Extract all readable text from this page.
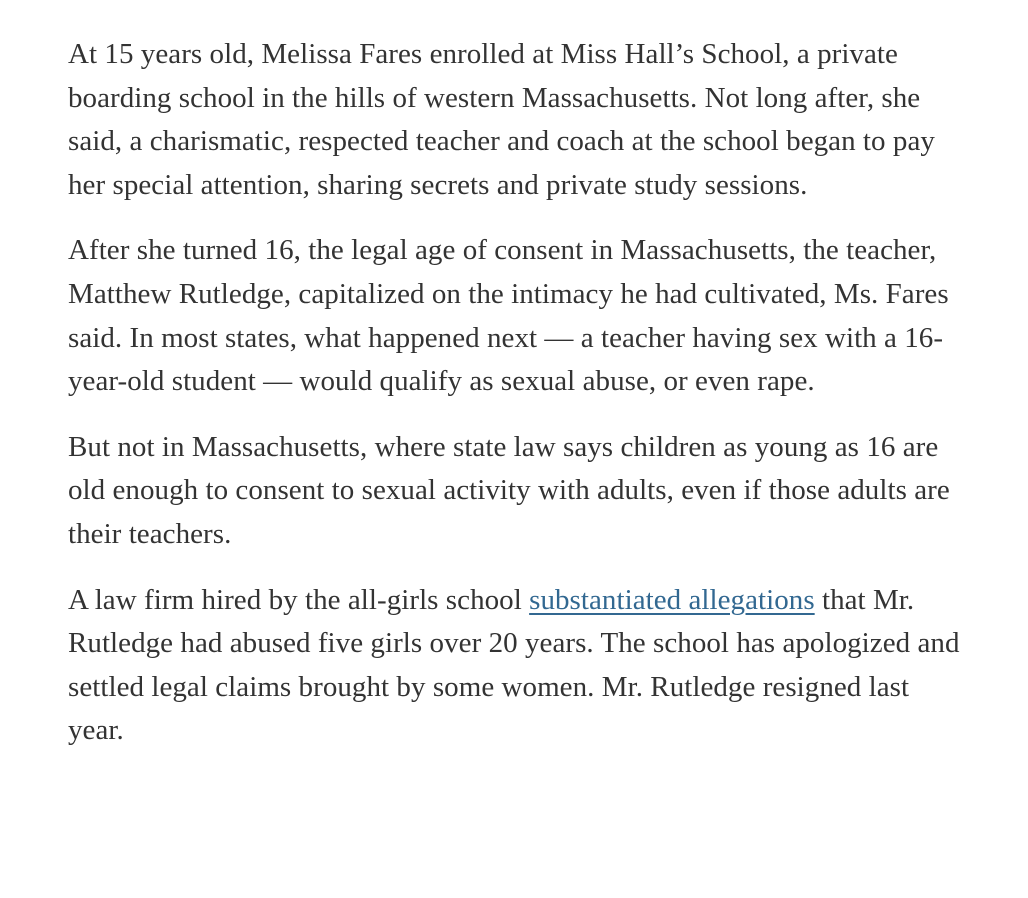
At 15 years old, Melissa Fares enrolled at Miss Hall’s School, a private boarding school in the hills of western Massachusetts. Not long after, she said, a charismatic, respected teacher and coach at the school began to pay her special attention, sharing secrets and private study sessions.

After she turned 16, the legal age of consent in Massachusetts, the teacher, Matthew Rutledge, capitalized on the intimacy he had cultivated, Ms. Fares said. In most states, what happened next — a teacher having sex with a 16-year-old student — would qualify as sexual abuse, or even rape.

But not in Massachusetts, where state law says children as young as 16 are old enough to consent to sexual activity with adults, even if those adults are their teachers.

A law firm hired by the all-girls school substantiated allegations that Mr. Rutledge had abused five girls over 20 years. The school has apologized and settled legal claims brought by some women. Mr. Rutledge resigned last year.
